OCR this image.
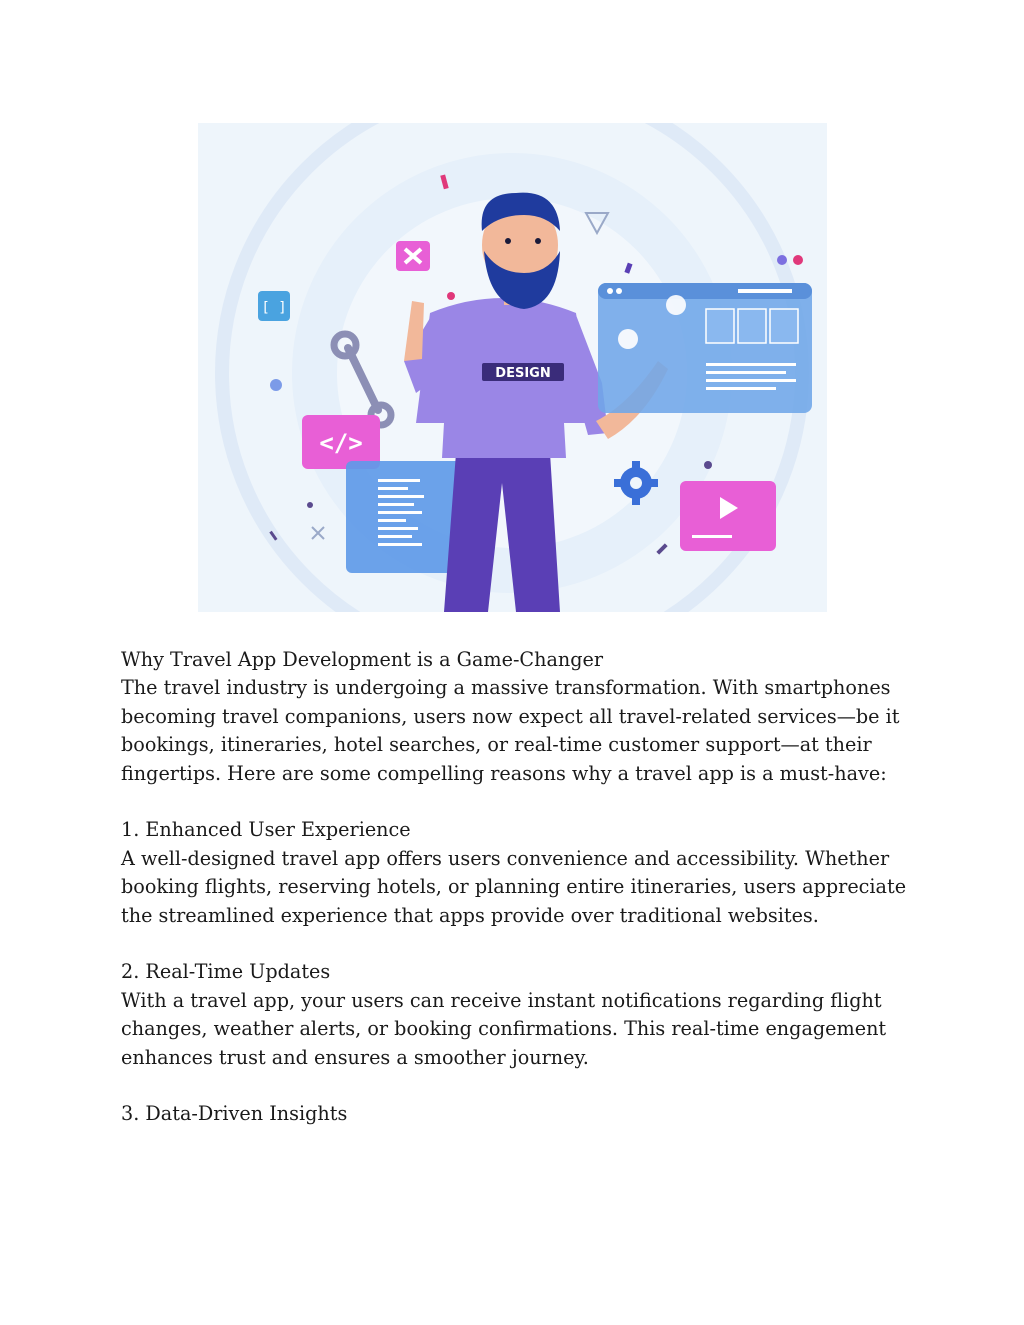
[ ]
</>
DESIGN

Why Travel App Development is a Game-Changer

The travel industry is undergoing a massive transformation. With smartphones becoming travel companions, users now expect all travel-related services—be it bookings, itineraries, hotel searches, or real-time customer support—at their fingertips. Here are some compelling reasons why a travel app is a must-have:

1. Enhanced User Experience

A well-designed travel app offers users convenience and accessibility. Whether booking flights, reserving hotels, or planning entire itineraries, users appreciate the streamlined experience that apps provide over traditional websites.

2. Real-Time Updates

With a travel app, your users can receive instant notifications regarding flight changes, weather alerts, or booking confirmations. This real-time engagement enhances trust and ensures a smoother journey.

3. Data-Driven Insights
